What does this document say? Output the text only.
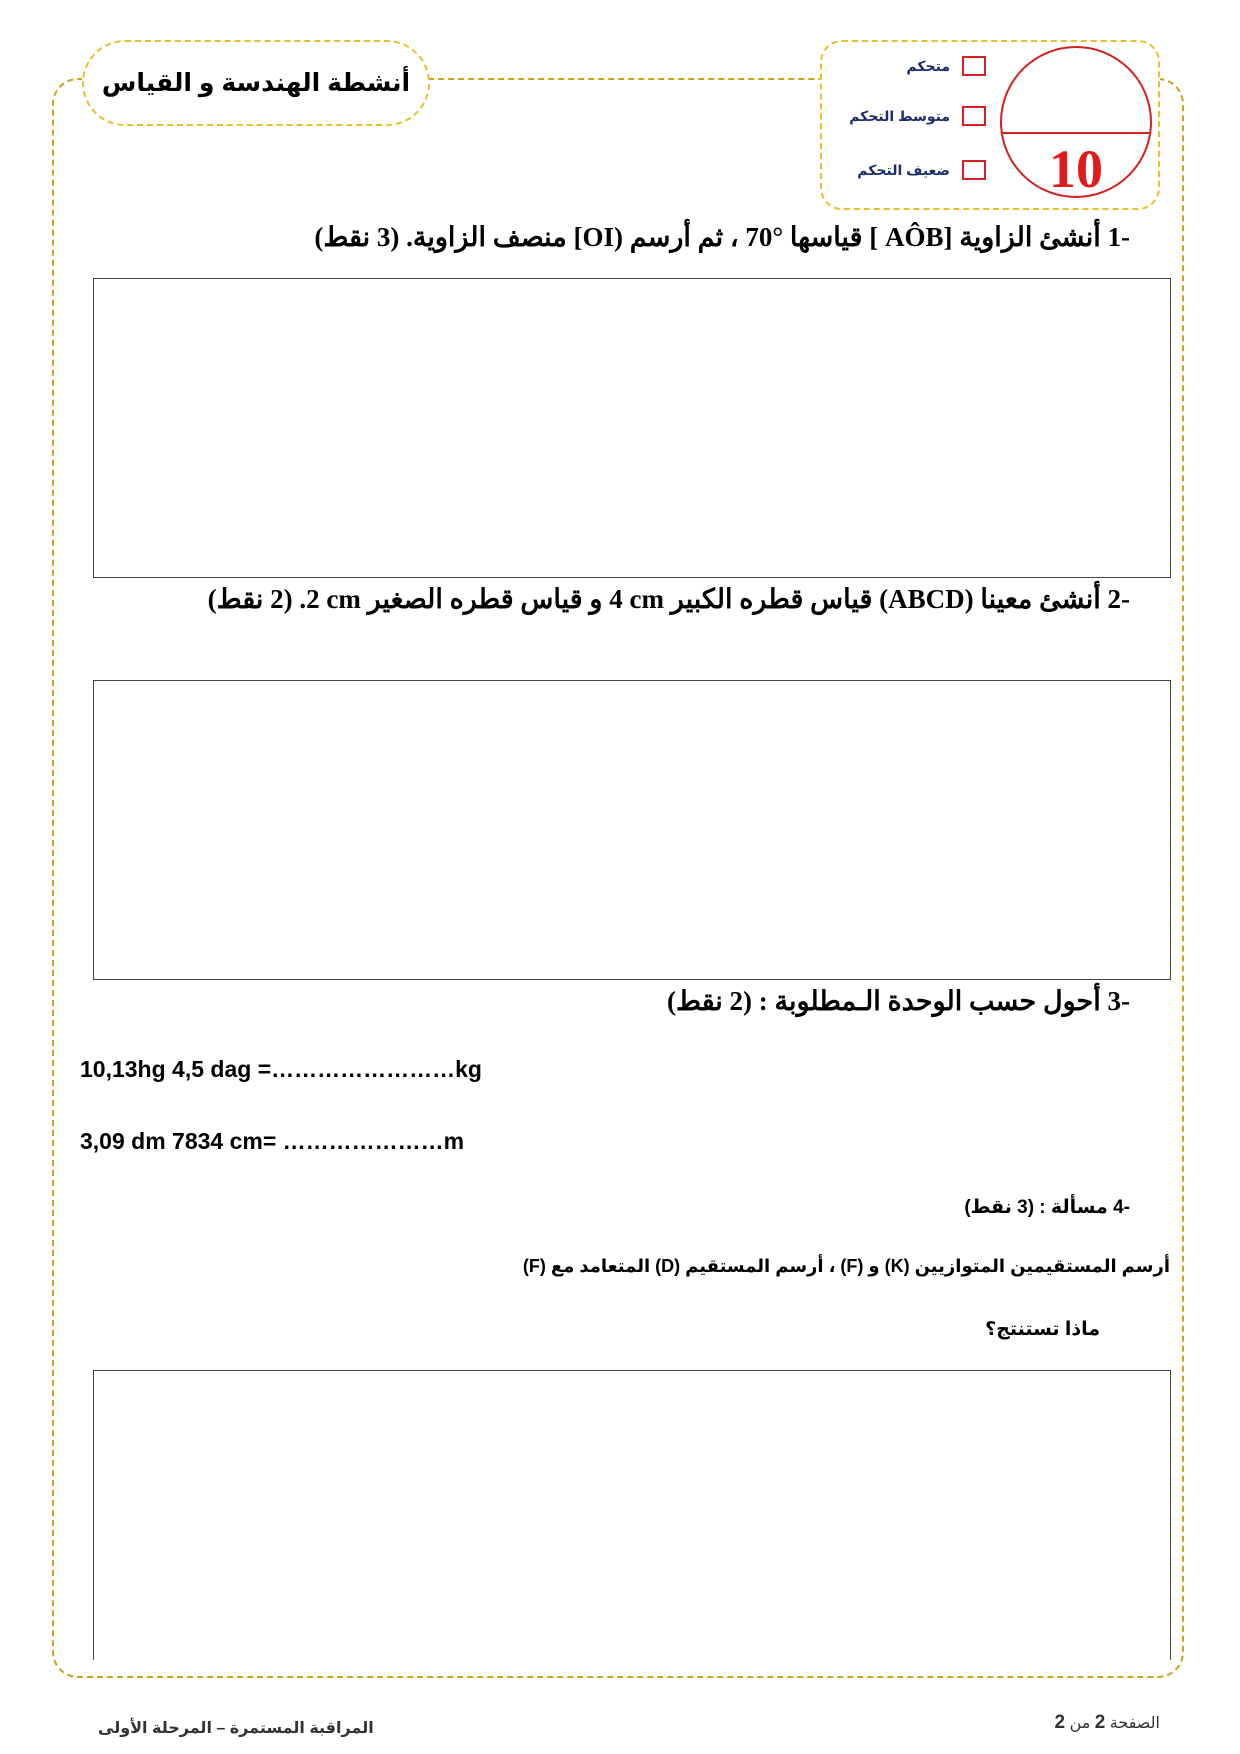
أنشطة الهندسة و القياس
10
متحكم
متوسط التحكم
ضعيف التحكم
-1 أنشئ الزاوية [ AÔB] قياسها 70° ، ثم أرسم [OI) منصف الزاوية. (3 نقط)
-2 أنشئ معينا (ABCD) قياس قطره الكبير 4 cm و قياس قطره الصغير 2 cm. (2 نقط)
-3 أحول حسب الوحدة الـمطلوبة : (2 نقط)
10,13hg 4,5 dag =……………………kg
3,09 dm 7834 cm= …………………m
-4 مسألة : (3 نقط)
أرسم المستقيمين المتوازيين (K) و (F) ، أرسم المستقيم (D) المتعامد مع (F)
ماذا تستنتج؟
المراقبة المستمرة – المرحلة الأولى	الصفحة 2 من 2
